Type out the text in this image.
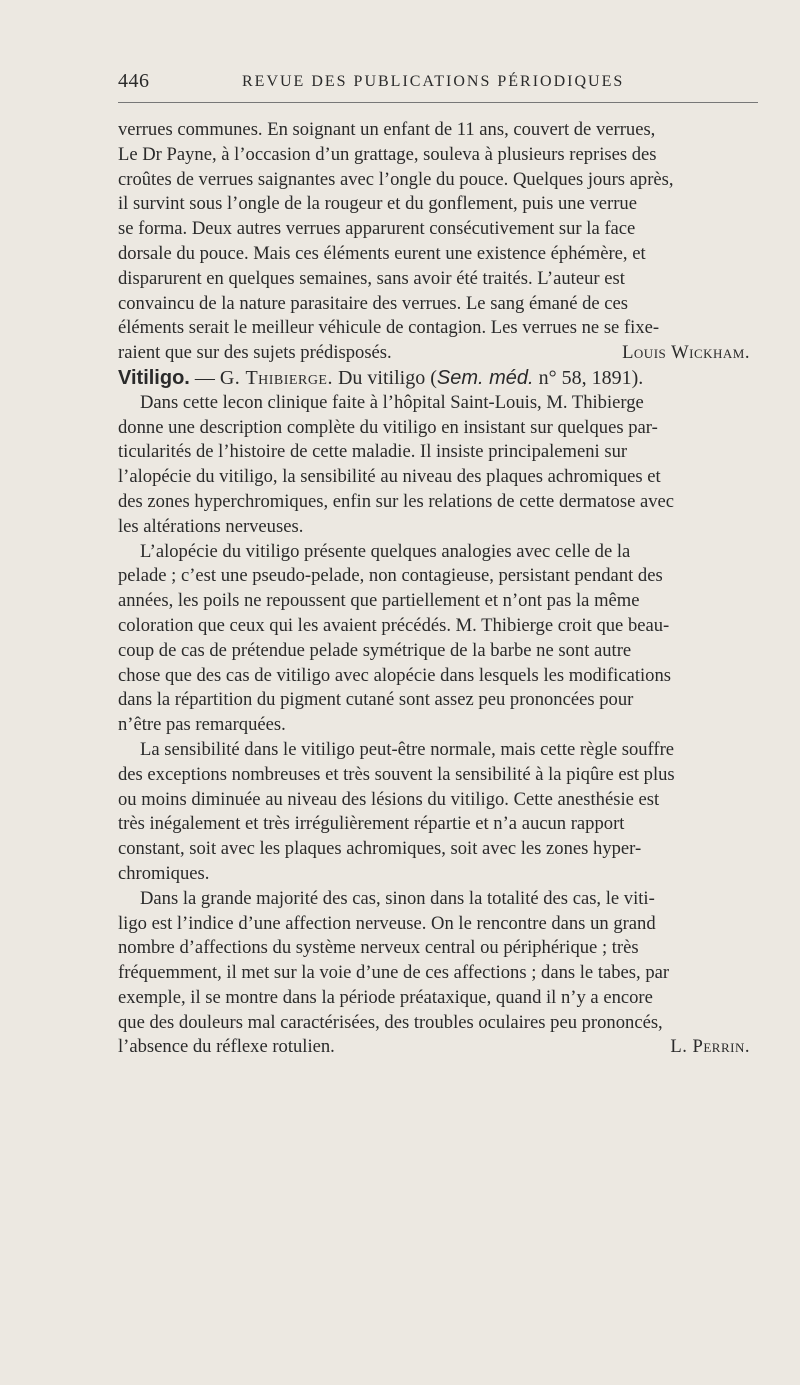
446	REVUE DES PUBLICATIONS PÉRIODIQUES

verrues communes. En soignant un enfant de 11 ans, couvert de verrues,
Le Dr Payne, à l’occasion d’un grattage, souleva à plusieurs reprises des
croûtes de verrues saignantes avec l’ongle du pouce. Quelques jours après,
il survint sous l’ongle de la rougeur et du gonflement, puis une verrue
se forma. Deux autres verrues apparurent consécutivement sur la face
dorsale du pouce. Mais ces éléments eurent une existence éphémère, et
disparurent en quelques semaines, sans avoir été traités. L’auteur est
convaincu de la nature parasitaire des verrues. Le sang émané de ces
éléments serait le meilleur véhicule de contagion. Les verrues ne se fixe-

raient que sur des sujets prédisposés.	Louis Wickham.

Vitiligo. — G. Thibierge. Du vitiligo (Sem. méd. n° 58, 1891).

Dans cette lecon clinique faite à l’hôpital Saint-Louis, M. Thibierge
donne une description complète du vitiligo en insistant sur quelques par-
ticularités de l’histoire de cette maladie. Il insiste principalemeni sur
l’alopécie du vitiligo, la sensibilité au niveau des plaques achromiques et
des zones hyperchromiques, enfin sur les relations de cette dermatose avec
les altérations nerveuses.

L’alopécie du vitiligo présente quelques analogies avec celle de la
pelade ; c’est une pseudo-pelade, non contagieuse, persistant pendant des
années, les poils ne repoussent que partiellement et n’ont pas la même
coloration que ceux qui les avaient précédés. M. Thibierge croit que beau-
coup de cas de prétendue pelade symétrique de la barbe ne sont autre
chose que des cas de vitiligo avec alopécie dans lesquels les modifications
dans la répartition du pigment cutané sont assez peu prononcées pour
n’être pas remarquées.

La sensibilité dans le vitiligo peut-être normale, mais cette règle souffre
des exceptions nombreuses et très souvent la sensibilité à la piqûre est plus
ou moins diminuée au niveau des lésions du vitiligo. Cette anesthésie est
très inégalement et très irrégulièrement répartie et n’a aucun rapport
constant, soit avec les plaques achromiques, soit avec les zones hyper-
chromiques.

Dans la grande majorité des cas, sinon dans la totalité des cas, le viti-
ligo est l’indice d’une affection nerveuse. On le rencontre dans un grand
nombre d’affections du système nerveux central ou périphérique ; très
fréquemment, il met sur la voie d’une de ces affections ; dans le tabes, par
exemple, il se montre dans la période préataxique, quand il n’y a encore
que des douleurs mal caractérisées, des troubles oculaires peu prononcés,

l’absence du réflexe rotulien.	L. Perrin.
